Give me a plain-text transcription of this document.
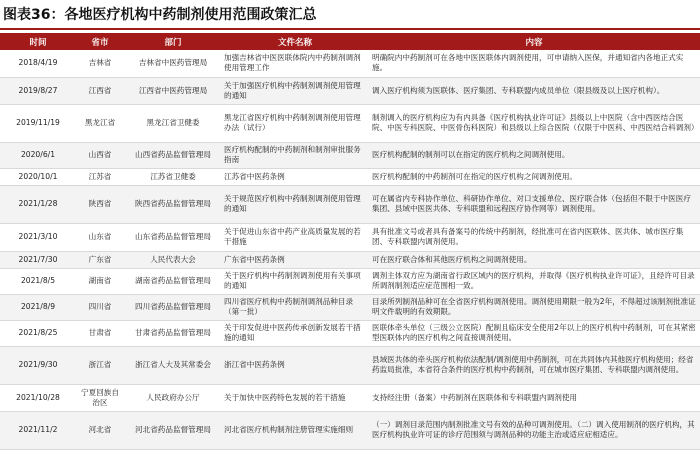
图表36：各地医疗机构中药制剂使用范围政策汇总
时间	省市	部门	文件名称	内容
2018/4/19	吉林省	吉林省中医药管理局	加强吉林省中医医联体院内中药制剂调剂使用管理工作	明确院内中药制剂可在各地中医医联体内调剂使用，可申请纳入医保，并通知省内各地正式实施。
2019/8/27	江西省	江西省中医药管理局	关于加强医疗机构中药制剂调剂使用管理的通知	调入医疗机构须为医联体、医疗集团、专科联盟内成员单位（限县级及以上医疗机构）。
2019/11/19	黑龙江省	黑龙江省卫健委	黑龙江省医疗机构中药制剂调剂使用管理办法（试行）	制剂调入的医疗机构应为有内具备《医疗机构执业许可证》县级以上中医院（含中西医结合医院、中医专科医院、中医骨伤科医院）和县级以上综合医院（仅限于中医科、中西医结合科调剂）
2020/6/1	山西省	山西省药品监督管理局	医疗机构配制的中药制剂和制剂审批服务指南	医疗机构配制的制剂可以在指定的医疗机构之间调剂使用。
2020/10/1	江苏省	江苏省卫健委	江苏省中医药条例	医疗机构配制的中药制剂可在指定的医疗机构之间调剂使用。
2021/1/28	陕西省	陕西省药品监督管理局	关于规范医疗机构中药制剂调剂使用管理的通知	可在属省内专科协作单位、科研协作单位、对口支援单位、医疗联合体（包括但不限于中医医疗集团、县域中医医共体、专科联盟和远程医疗协作网等）调剂使用。
2021/3/10	山东省	山东省药品监督管理局	关于促进山东省中药产业高质量发展的若干措施	具有批准文号或者具有备案号的传统中药制剂，经批准可在省内医联体、医共体、城市医疗集团、专科联盟内调剂使用。
2021/7/30	广东省	人民代表大会	广东省中医药条例	可在医疗联合体和其他医疗机构之间调剂使用。
2021/8/5	湖南省	湖南省药品监督管理局	关于医疗机构中药制剂调剂使用有关事项的通知	调剂主体双方应为湖南省行政区域内的医疗机构，并取得《医疗机构执业许可证》，且经许可目录所调剂制剂适应症范围相一致。
2021/8/9	四川省	四川省药品监督管理局	四川省医疗机构中药制剂调剂品种目录（第一批）	目录所列制剂品种可在全省医疗机构调剂使用。调剂使用期限一般为2年，不得超过该制剂批准证明文件载明的有效期限。
2021/8/25	甘肃省	甘肃省药品监督管理局	关于印发促进中医药传承创新发展若干措施的通知	医联体牵头单位（三级公立医院）配制且临床安全使用2年以上的医疗机构中药制剂，可在其紧密型医联体内的医疗机构之间直接调剂使用。
2021/9/30	浙江省	浙江省人大及其常委会	浙江省中医药条例	县域医共体的牵头医疗机构依法配制/调剂使用中药制剂，可在共同体内其他医疗机构使用；经省药监局批准，本省符合条件的医疗机构中药制剂，可在城市医疗集团、专科联盟内调剂使用。
2021/10/28	宁夏回族自治区	人民政府办公厅	关于加快中医药特色发展的若干措施	支持经注册（备案）中药制剂在医联体和专科联盟内调剂使用
2021/11/2	河北省	河北省药品监督管理局	河北省医疗机构制剂注册管理实施细则	（一）调剂目录范围内制剂批准文号有效的品种可调剂使用。（二）调入使用制剂的医疗机构，其医疗机构执业许可证的诊疗范围须与调剂品种的功能主治或适应症相适应。
